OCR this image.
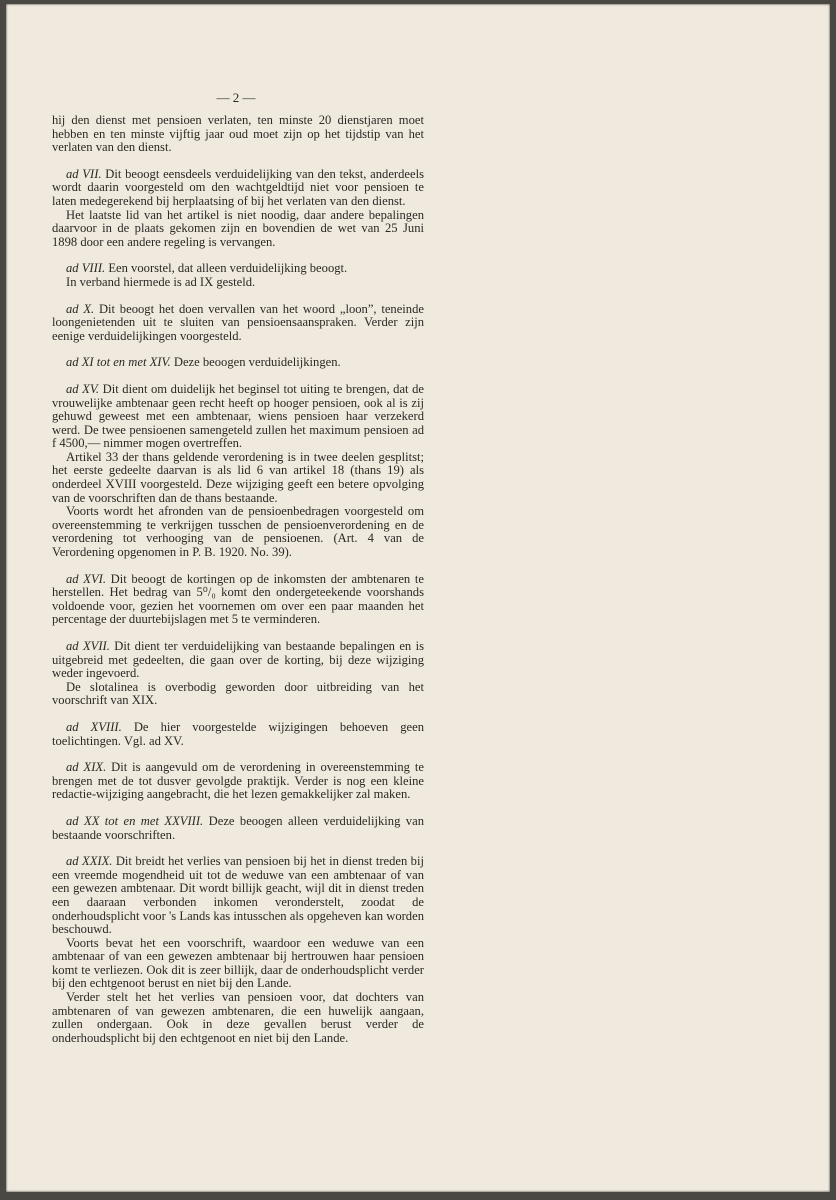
— 2 —

hij den dienst met pensioen verlaten, ten minste 20 dienstjaren moet hebben en ten minste vijftig jaar oud moet zijn op het tijdstip van het verlaten van den dienst.

ad VII. Dit beoogt eensdeels verduidelijking van den tekst, anderdeels wordt daarin voorgesteld om den wachtgeldtijd niet voor pensioen te laten medegerekend bij herplaatsing of bij het verlaten van den dienst.

Het laatste lid van het artikel is niet noodig, daar andere bepalingen daarvoor in de plaats gekomen zijn en bovendien de wet van 25 Juni 1898 door een andere regeling is vervangen.

ad VIII. Een voorstel, dat alleen verduidelijking beoogt.

In verband hiermede is ad IX gesteld.

ad X. Dit beoogt het doen vervallen van het woord „loon”, teneinde loongenietenden uit te sluiten van pensioensaanspraken. Verder zijn eenige verduidelijkingen voorgesteld.

ad XI tot en met XIV. Deze beoogen verduidelijkingen.

ad XV. Dit dient om duidelijk het beginsel tot uiting te brengen, dat de vrouwelijke ambtenaar geen recht heeft op hooger pensioen, ook al is zij gehuwd geweest met een ambtenaar, wiens pensioen haar verzekerd werd. De twee pensioenen samengeteld zullen het maximum pensioen ad f 4500,— nimmer mogen overtreffen.

Artikel 33 der thans geldende verordening is in twee deelen gesplitst; het eerste gedeelte daarvan is als lid 6 van artikel 18 (thans 19) als onderdeel XVIII voorgesteld. Deze wijziging geeft een betere opvolging van de voorschriften dan de thans bestaande.

Voorts wordt het afronden van de pensioenbedragen voorgesteld om overeenstemming te verkrijgen tusschen de pensioenverordening en de verordening tot verhooging van de pensioenen. (Art. 4 van de Verordening opgenomen in P. B. 1920. No. 39).

ad XVI. Dit beoogt de kortingen op de inkomsten der ambtenaren te herstellen. Het bedrag van 5⁰/₀ komt den ondergeteekende voorshands voldoende voor, gezien het voornemen om over een paar maanden het percentage der duurtebijslagen met 5 te verminderen.

ad XVII. Dit dient ter verduidelijking van bestaande bepalingen en is uitgebreid met gedeelten, die gaan over de korting, bij deze wijziging weder ingevoerd.

De slotalinea is overbodig geworden door uitbreiding van het voorschrift van XIX.

ad XVIII. De hier voorgestelde wijzigingen behoeven geen toelichtingen. Vgl. ad XV.

ad XIX. Dit is aangevuld om de verordening in overeenstemming te brengen met de tot dusver gevolgde praktijk. Verder is nog een kleine redactie-wijziging aangebracht, die het lezen gemakkelijker zal maken.

ad XX tot en met XXVIII. Deze beoogen alleen verduidelijking van bestaande voorschriften.

ad XXIX. Dit breidt het verlies van pensioen bij het in dienst treden bij een vreemde mogendheid uit tot de weduwe van een ambtenaar of van een gewezen ambtenaar. Dit wordt billijk geacht, wijl dit in dienst treden een daaraan verbonden inkomen veronderstelt, zoodat de onderhoudsplicht voor 's Lands kas intusschen als opgeheven kan worden beschouwd.

Voorts bevat het een voorschrift, waardoor een weduwe van een ambtenaar of van een gewezen ambtenaar bij hertrouwen haar pensioen komt te verliezen. Ook dit is zeer billijk, daar de onderhoudsplicht verder bij den echtgenoot berust en niet bij den Lande.

Verder stelt het het verlies van pensioen voor, dat dochters van ambtenaren of van gewezen ambtenaren, die een huwelijk aangaan, zullen ondergaan. Ook in deze gevallen berust verder de onderhoudsplicht bij den echtgenoot en niet bij den Lande.
